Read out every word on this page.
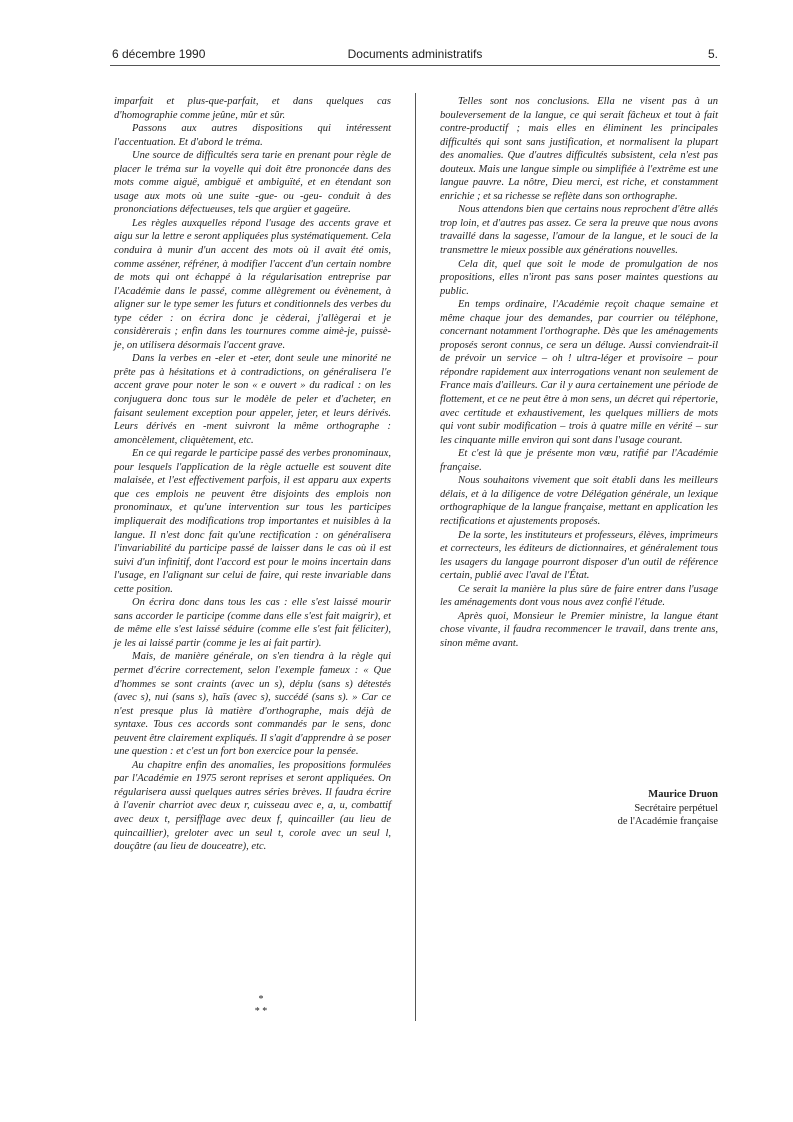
6 décembre 1990	Documents administratifs	5.

imparfait et plus-que-parfait, et dans quelques cas d'homographie comme jeûne, mûr et sûr.

Passons aux autres dispositions qui intéressent l'accentuation. Et d'abord le tréma.

Une source de difficultés sera tarie en prenant pour règle de placer le tréma sur la voyelle qui doit être prononcée dans des mots comme aiguë, ambiguë et ambiguïté, et en étendant son usage aux mots où une suite -gue- ou -geu- conduit à des prononciations défectueuses, tels que argüer et gageüre.

Les règles auxquelles répond l'usage des accents grave et aigu sur la lettre e seront appliquées plus systématiquement. Cela conduira à munir d'un accent des mots où il avait été omis, comme asséner, réfréner, à modifier l'accent d'un certain nombre de mots qui ont échappé à la régularisation entreprise par l'Académie dans le passé, comme allègrement ou évènement, à aligner sur le type semer les futurs et conditionnels des verbes du type céder : on écrira donc je cèderai, j'allègerai et je considèrerais ; enfin dans les tournures comme aimè-je, puissè-je, on utilisera désormais l'accent grave.

Dans la verbes en -eler et -eter, dont seule une minorité ne prête pas à hésitations et à contradictions, on généralisera l'e accent grave pour noter le son « e ouvert » du radical : on les conjuguera donc tous sur le modèle de peler et d'acheter, en faisant seulement exception pour appeler, jeter, et leurs dérivés. Leurs dérivés en -ment suivront la même orthographe : amoncèlement, cliquètement, etc.

En ce qui regarde le participe passé des verbes pronominaux, pour lesquels l'application de la règle actuelle est souvent dite malaisée, et l'est effectivement parfois, il est apparu aux experts que ces emplois ne peuvent être disjoints des emplois non pronominaux, et qu'une intervention sur tous les participes impliquerait des modifications trop importantes et nuisibles à la langue. Il n'est donc fait qu'une rectification : on généralisera l'invariabilité du participe passé de laisser dans le cas où il est suivi d'un infinitif, dont l'accord est pour le moins incertain dans l'usage, en l'alignant sur celui de faire, qui reste invariable dans cette position.

On écrira donc dans tous les cas : elle s'est laissé mourir sans accorder le participe (comme dans elle s'est fait maigrir), et de même elle s'est laissé séduire (comme elle s'est fait féliciter), je les ai laissé partir (comme je les ai fait partir).

Mais, de manière générale, on s'en tiendra à la règle qui permet d'écrire correctement, selon l'exemple fameux : « Que d'hommes se sont craints (avec un s), déplu (sans s) détestés (avec s), nui (sans s), haïs (avec s), succédé (sans s). » Car ce n'est presque plus là matière d'orthographe, mais déjà de syntaxe. Tous ces accords sont commandés par le sens, donc peuvent être clairement expliqués. Il s'agit d'apprendre à se poser une question : et c'est un fort bon exercice pour la pensée.

Au chapitre enfin des anomalies, les propositions formulées par l'Académie en 1975 seront reprises et seront appliquées. On régularisera aussi quelques autres séries brèves. Il faudra écrire à l'avenir charriot avec deux r, cuisseau avec e, a, u, combattif avec deux t, persifflage avec deux f, quincailler (au lieu de quincaillier), greloter avec un seul t, corole avec un seul l, douçâtre (au lieu de douceatre), etc.

*
* *

Telles sont nos conclusions. Ella ne visent pas à un bouleversement de la langue, ce qui serait fâcheux et tout à fait contre-productif ; mais elles en éliminent les principales difficultés qui sont sans justification, et normalisent la plupart des anomalies. Que d'autres difficultés subsistent, cela n'est pas douteux. Mais une langue simple ou simplifiée à l'extrême est une langue pauvre. La nôtre, Dieu merci, est riche, et constamment enrichie ; et sa richesse se reflète dans son orthographe.

Nous attendons bien que certains nous reprochent d'être allés trop loin, et d'autres pas assez. Ce sera la preuve que nous avons travaillé dans la sagesse, l'amour de la langue, et le souci de la transmettre le mieux possible aux générations nouvelles.

Cela dit, quel que soit le mode de promulgation de nos propositions, elles n'iront pas sans poser maintes questions au public.

En temps ordinaire, l'Académie reçoit chaque semaine et même chaque jour des demandes, par courrier ou téléphone, concernant notamment l'orthographe. Dès que les aménagements proposés seront connus, ce sera un déluge. Aussi conviendrait-il de prévoir un service – oh ! ultra-léger et provisoire – pour répondre rapidement aux interrogations venant non seulement de France mais d'ailleurs. Car il y aura certainement une période de flottement, et ce ne peut être à mon sens, un décret qui répertorie, avec certitude et exhaustivement, les quelques milliers de mots qui vont subir modification – trois à quatre mille en vérité – sur les cinquante mille environ qui sont dans l'usage courant.

Et c'est là que je présente mon vœu, ratifié par l'Académie française.

Nous souhaitons vivement que soit établi dans les meilleurs délais, et à la diligence de votre Délégation générale, un lexique orthographique de la langue française, mettant en application les rectifications et ajustements proposés.

De la sorte, les instituteurs et professeurs, élèves, imprimeurs et correcteurs, les éditeurs de dictionnaires, et généralement tous les usagers du langage pourront disposer d'un outil de référence certain, publié avec l'aval de l'État.

Ce serait la manière la plus sûre de faire entrer dans l'usage les aménagements dont vous nous avez confié l'étude.

Après quoi, Monsieur le Premier ministre, la langue étant chose vivante, il faudra recommencer le travail, dans trente ans, sinon même avant.

Maurice Druon
Secrétaire perpétuel
de l'Académie française
